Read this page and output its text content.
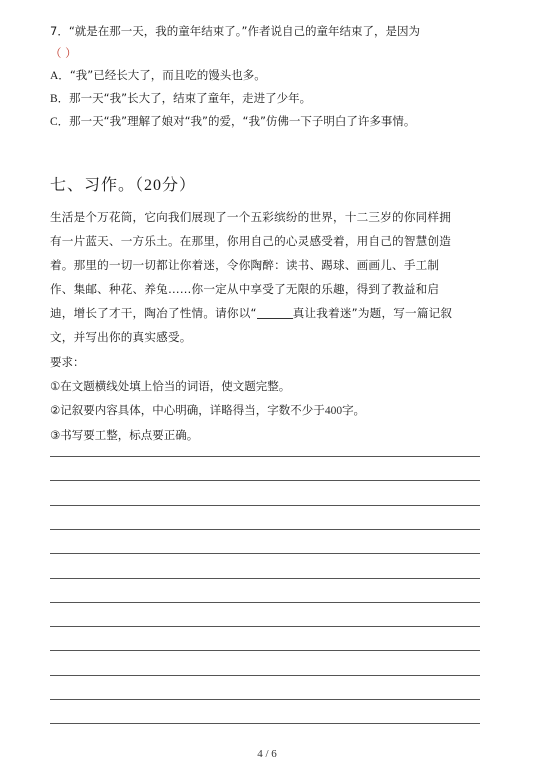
7．“就是在那一天，我的童年结束了。”作者说自己的童年结束了，是因为
（ ）
A．“我”已经长大了，而且吃的馒头也多。
B．那一天“我”长大了，结束了童年，走进了少年。
C．那一天“我”理解了娘对“我”的爱，“我”仿佛一下子明白了许多事情。
七、习作。（20分）
生活是个万花筒，它向我们展现了一个五彩缤纷的世界，十二三岁的你同样拥
有一片蓝天、一方乐土。在那里，你用自己的心灵感受着，用自己的智慧创造
着。那里的一切一切都让你着迷，令你陶醉：读书、踢球、画画儿、手工制
作、集邮、种花、养兔……你一定从中享受了无限的乐趣，得到了教益和启
迪，增长了才干，陶冶了性情。请你以“	真让我着迷”为题，写一篇记叙
文，并写出你的真实感受。
要求：
①在文题横线处填上恰当的词语，使文题完整。
②记叙要内容具体，中心明确，详略得当，字数不少于400字。
③书写要工整，标点要正确。
4 / 6
